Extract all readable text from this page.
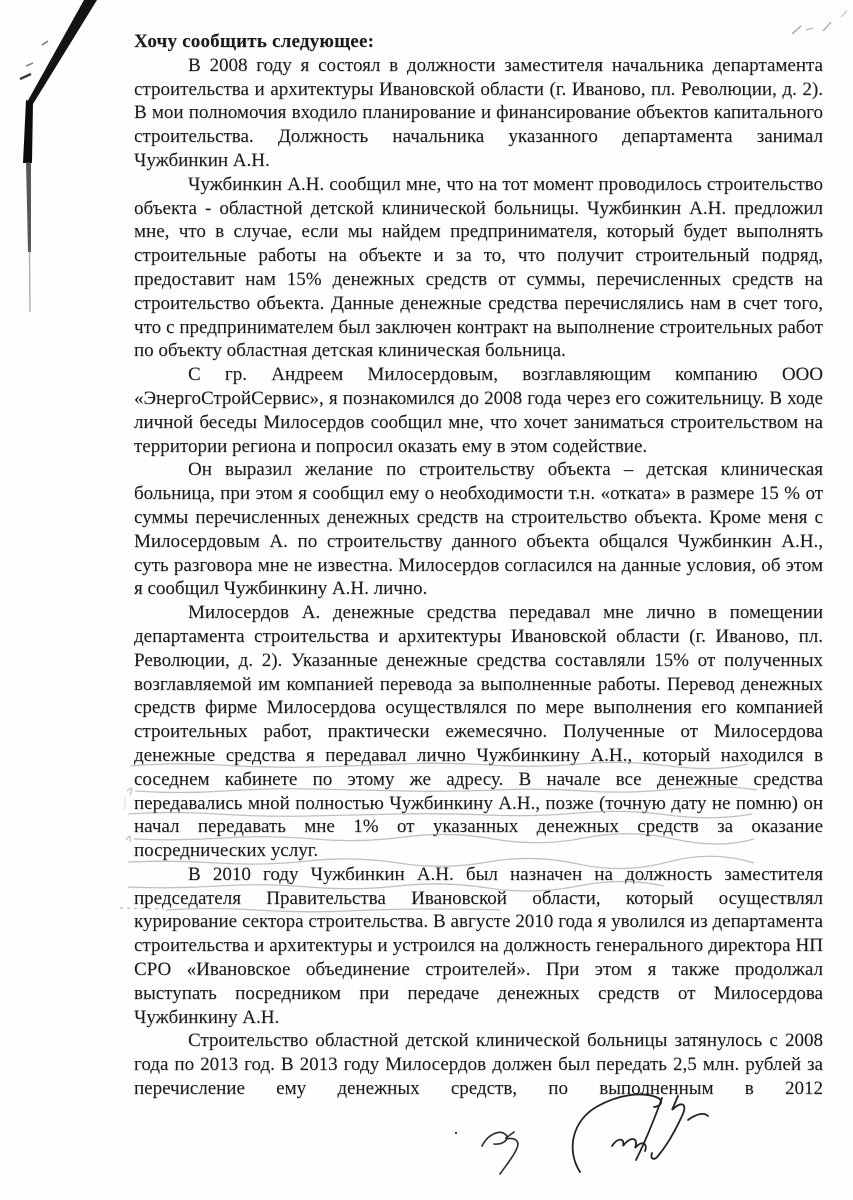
Хочу сообщить следующее:

В 2008 году я состоял в должности заместителя начальника департамента строительства и архитектуры Ивановской области (г. Иваново, пл. Революции, д. 2). В мои полномочия входило планирование и финансирование объектов капитального строительства. Должность начальника указанного департамента занимал Чужбинкин А.Н.

Чужбинкин А.Н. сообщил мне, что на тот момент проводилось строительство объекта - областной детской клинической больницы. Чужбинкин А.Н. предложил мне, что в случае, если мы найдем предпринимателя, который будет выполнять строительные работы на объекте и за то, что получит строительный подряд, предоставит нам 15% денежных средств от суммы, перечисленных средств на строительство объекта. Данные денежные средства перечислялись нам в счет того, что с предпринимателем был заключен контракт на выполнение строительных работ по объекту областная детская клиническая больница.

С гр. Андреем Милосердовым, возглавляющим компанию ООО «ЭнергоСтройСервис», я познакомился до 2008 года через его сожительницу. В ходе личной беседы Милосердов сообщил мне, что хочет заниматься строительством на территории региона и попросил оказать ему в этом содействие.

Он выразил желание по строительству объекта – детская клиническая больница, при этом я сообщил ему о необходимости т.н. «отката» в размере 15 % от суммы перечисленных денежных средств на строительство объекта. Кроме меня с Милосердовым А. по строительству данного объекта общался Чужбинкин А.Н., суть разговора мне не известна. Милосердов согласился на данные условия, об этом я сообщил Чужбинкину А.Н. лично.

Милосердов А. денежные средства передавал мне лично в помещении департамента строительства и архитектуры Ивановской области (г. Иваново, пл. Революции, д. 2). Указанные денежные средства составляли 15% от полученных возглавляемой им компанией перевода за выполненные работы. Перевод денежных средств фирме Милосердова осуществлялся по мере выполнения его компанией строительных работ, практически ежемесячно. Полученные от Милосердова денежные средства я передавал лично Чужбинкину А.Н., который находился в соседнем кабинете по этому же адресу. В начале все денежные средства передавались мной полностью Чужбинкину А.Н., позже (точную дату не помню) он начал передавать мне 1% от указанных денежных средств за оказание посреднических услуг.

В 2010 году Чужбинкин А.Н. был назначен на должность заместителя председателя Правительства Ивановской области, который осуществлял курирование сектора строительства. В августе 2010 года я уволился из департамента строительства и архитектуры и устроился на должность генерального директора НП СРО «Ивановское объединение строителей». При этом я также продолжал выступать посредником при передаче денежных средств от Милосердова Чужбинкину А.Н.

Строительство областной детской клинической больницы затянулось с 2008 года по 2013 год. В 2013 году Милосердов должен был передать 2,5 млн. рублей за перечисление ему денежных средств, по выполненным в 2012
